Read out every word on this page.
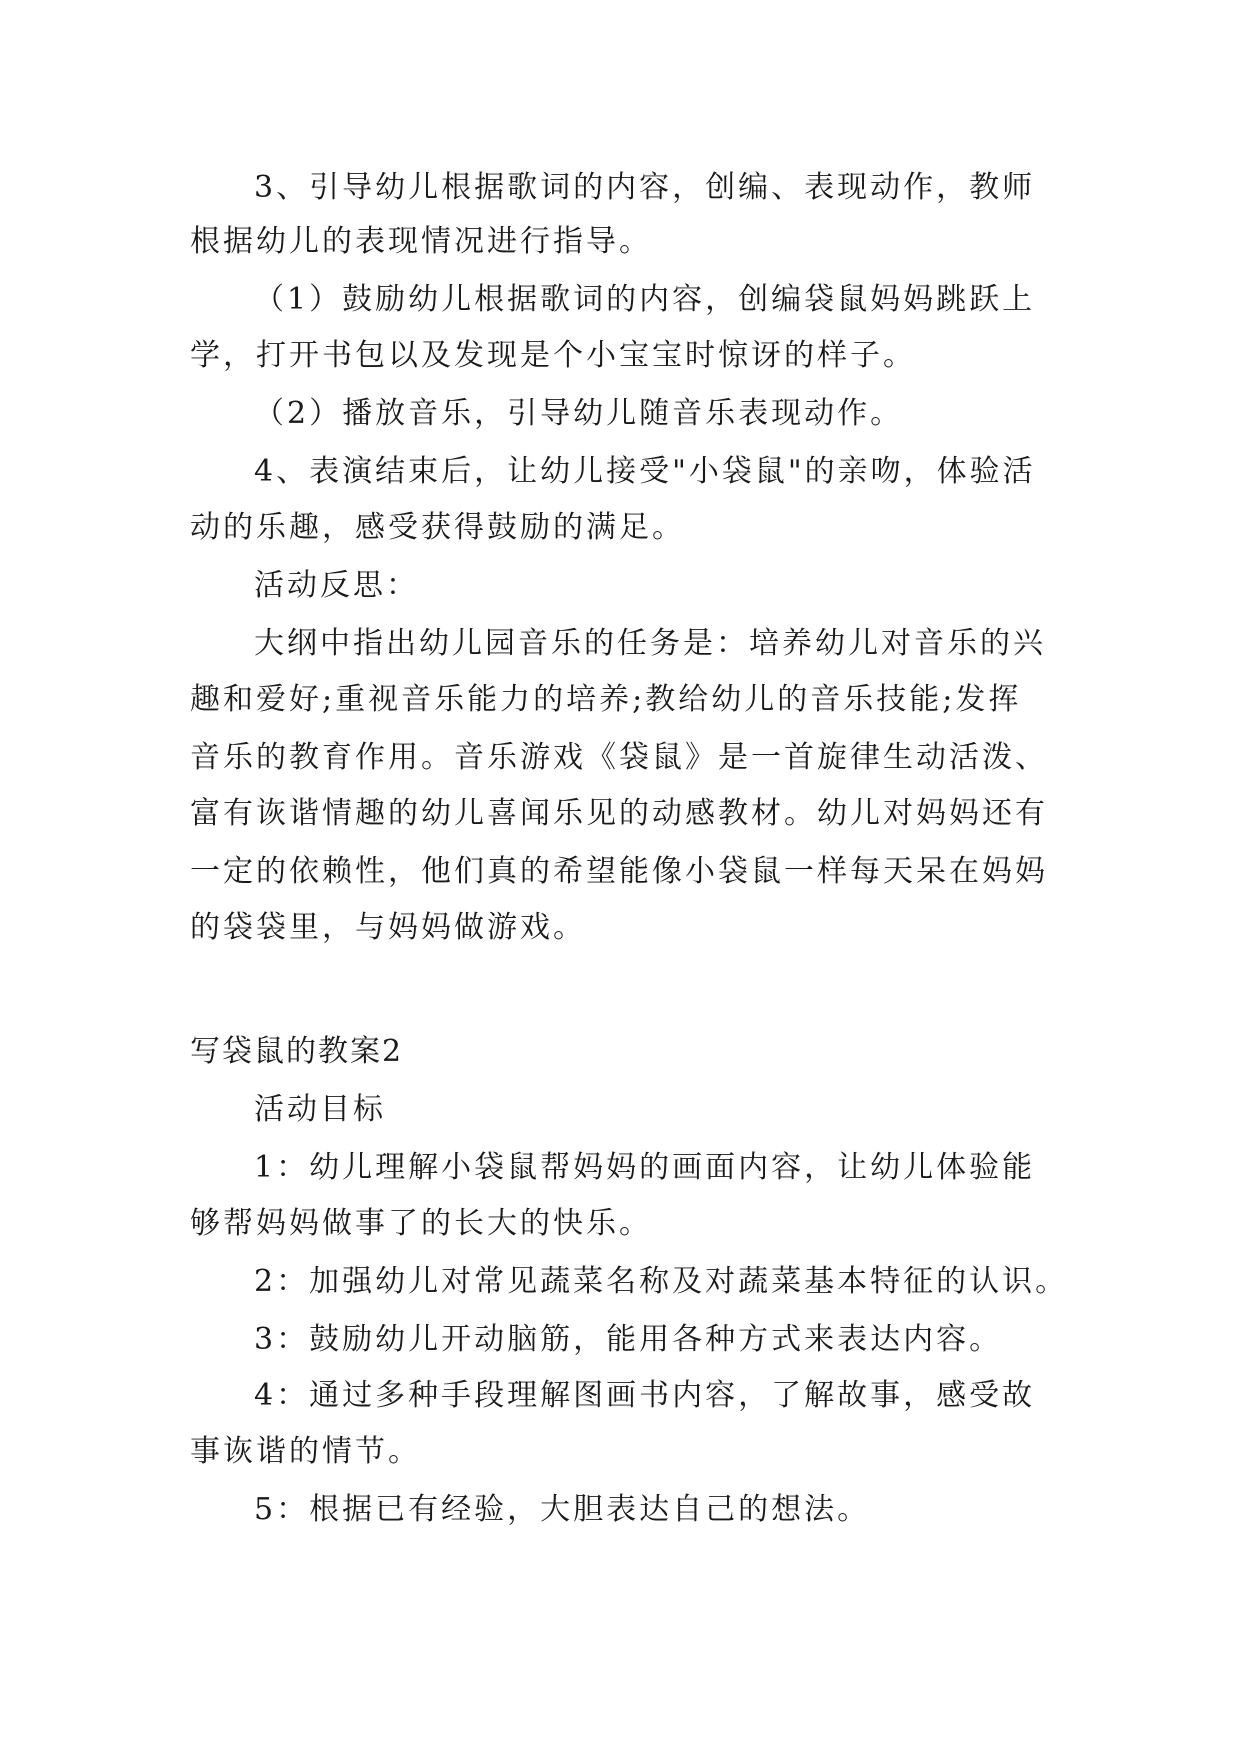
3、引导幼儿根据歌词的内容，创编、表现动作，教师
根据幼儿的表现情况进行指导。
（1）鼓励幼儿根据歌词的内容，创编袋鼠妈妈跳跃上
学，打开书包以及发现是个小宝宝时惊讶的样子。
（2）播放音乐，引导幼儿随音乐表现动作。
4、表演结束后，让幼儿接受"小袋鼠"的亲吻，体验活
动的乐趣，感受获得鼓励的满足。
活动反思：
大纲中指出幼儿园音乐的任务是：培养幼儿对音乐的兴
趣和爱好;重视音乐能力的培养;教给幼儿的音乐技能;发挥
音乐的教育作用。音乐游戏《袋鼠》是一首旋律生动活泼、
富有诙谐情趣的幼儿喜闻乐见的动感教材。幼儿对妈妈还有
一定的依赖性，他们真的希望能像小袋鼠一样每天呆在妈妈
的袋袋里，与妈妈做游戏。
写袋鼠的教案2
活动目标
1：幼儿理解小袋鼠帮妈妈的画面内容，让幼儿体验能
够帮妈妈做事了的长大的快乐。
2：加强幼儿对常见蔬菜名称及对蔬菜基本特征的认识。
3：鼓励幼儿开动脑筋，能用各种方式来表达内容。
4：通过多种手段理解图画书内容，了解故事，感受故
事诙谐的情节。
5：根据已有经验，大胆表达自己的想法。
